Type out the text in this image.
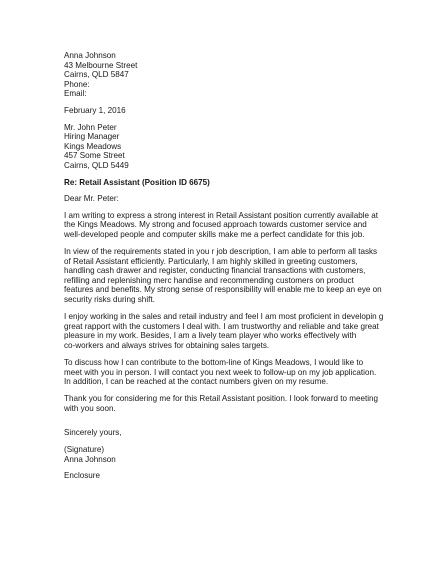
Anna Johnson
43 Melbourne Street
Cairns, QLD 5847
Phone:
Email:
February 1, 2016
Mr. John Peter
Hiring Manager
Kings Meadows
457 Some Street
Cairns, QLD 5449
Re: Retail Assistant (Position ID 6675)
Dear Mr. Peter:
I am writing to express a strong interest in Retail Assistant position currently available at
the Kings Meadows. My strong and focused approach towards customer service and
well-developed people and computer skills make me a perfect candidate for this job.
In view of the requirements stated in you r job description, I am able to perform all tasks
of Retail Assistant efficiently. Particularly, I am highly skilled in greeting customers,
handling cash drawer and register, conducting financial transactions with customers,
refilling and replenishing merc handise and recommending customers on product
features and benefits. My strong sense of responsibility will enable me to keep an eye on
security risks during shift.
I enjoy working in the sales and retail industry and feel I am most proficient in developin g
great rapport with the customers I deal with. I am trustworthy and reliable and take great
pleasure in my work. Besides, I am a lively team player who works effectively with
co-workers and always strives for obtaining sales targets.
To discuss how I can contribute to the bottom-line of Kings Meadows, I would like to
meet with you in person. I will contact you next week to follow-up on my job application.
In addition, I can be reached at the contact numbers given on my resume.
Thank you for considering me for this Retail Assistant position. I look forward to meeting
with you soon.
Sincerely yours,
(Signature)
Anna Johnson
Enclosure
